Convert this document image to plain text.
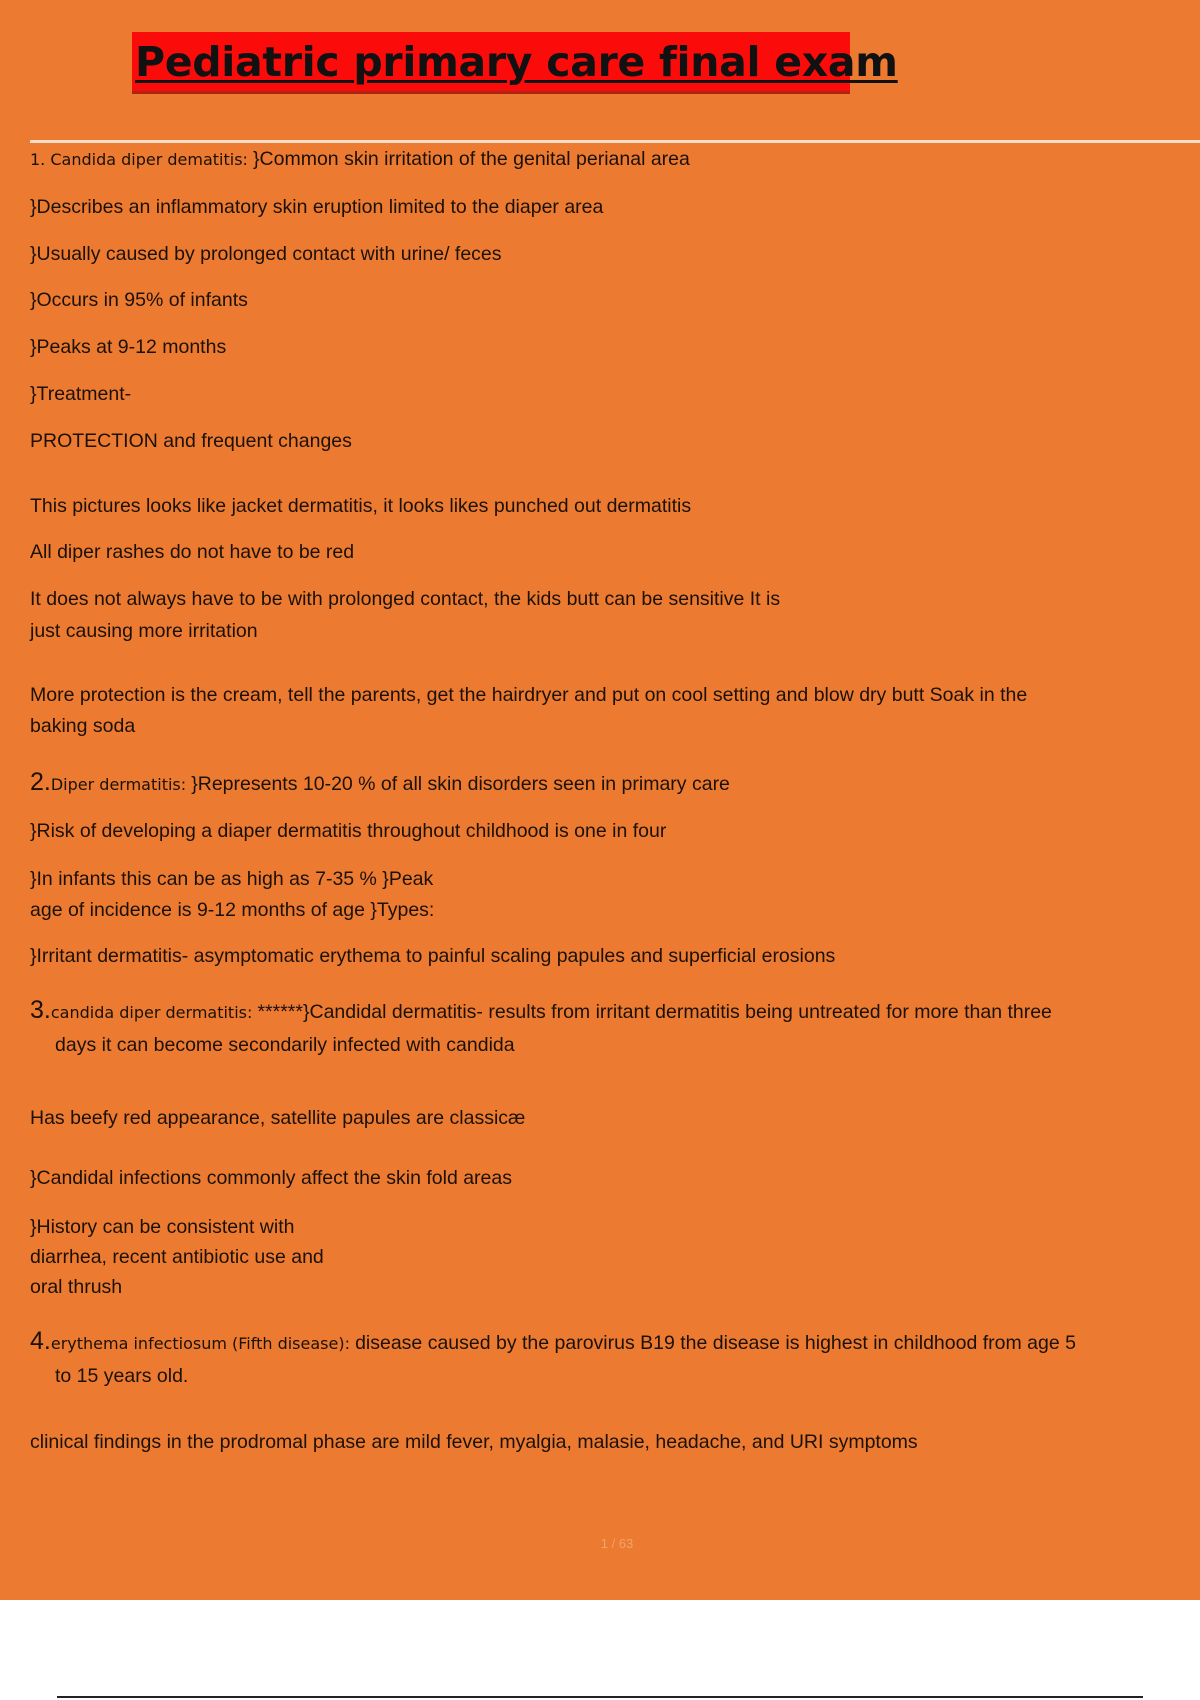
Pediatric primary care final exam
1. Candida diper dematitis: }Common skin irritation of the genital perianal area
}Describes an inflammatory skin eruption limited to the diaper area
}Usually caused by prolonged contact with urine/ feces
}Occurs in 95% of infants
}Peaks at 9-12 months
}Treatment-
PROTECTION and frequent changes
This pictures looks like jacket dermatitis, it looks likes punched out dermatitis
All diper rashes do not have to be red
It does not always have to be with prolonged contact, the kids butt can be sensitive It is
just causing more irritation
More protection is the cream, tell the parents, get the hairdryer and put on cool setting and blow dry butt Soak in the
baking soda
2.Diper dermatitis: }Represents 10-20 % of all skin disorders seen in primary care
}Risk of developing a diaper dermatitis throughout childhood is one in four
}In infants this can be as high as 7-35 % }Peak
age of incidence is 9-12 months of age }Types:
}Irritant dermatitis- asymptomatic erythema to painful scaling papules and superficial erosions
3.candida diper dermatitis: ******}Candidal dermatitis- results from irritant dermatitis being untreated for more than three
days it can become secondarily infected with candida
Has beefy red appearance, satellite papules are classicæ
}Candidal infections commonly affect the skin fold areas
}History can be consistent with
diarrhea, recent antibiotic use and
oral thrush
4.erythema infectiosum (Fifth disease): disease caused by the parovirus B19 the disease is highest in childhood from age 5
to 15 years old.
clinical findings in the prodromal phase are mild fever, myalgia, malasie, headache, and URI symptoms
1 / 63
